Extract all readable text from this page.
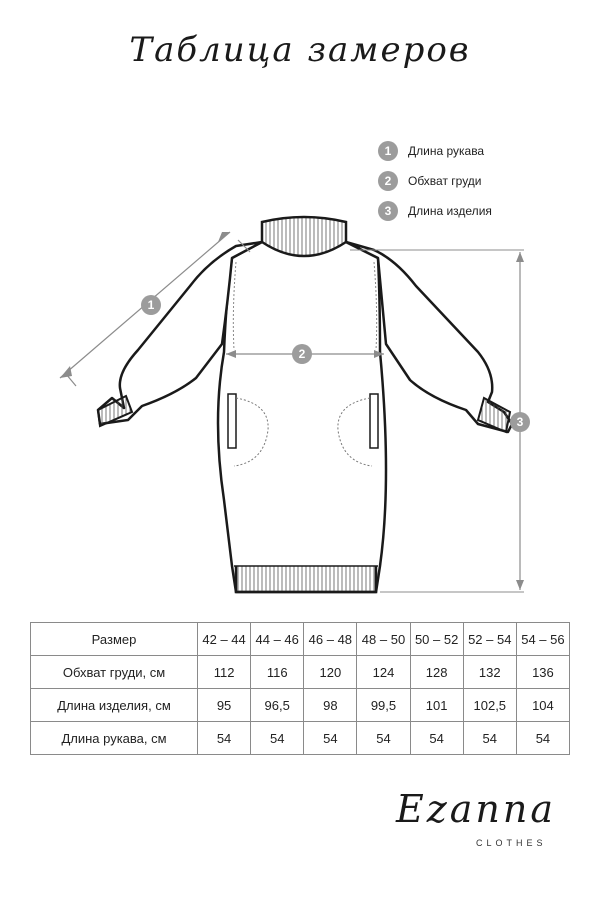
Таблица замеров
1	Длина рукава
2	Обхват груди
3	Длина изделия
1
2
3
Размер	42 – 44	44 – 46	46 – 48	48 – 50	50 – 52	52 – 54	54 – 56
Обхват груди, см	112	116	120	124	128	132	136
Длина изделия, см	95	96,5	98	99,5	101	102,5	104
Длина рукава, см	54	54	54	54	54	54	54
Ezanna
CLOTHES
